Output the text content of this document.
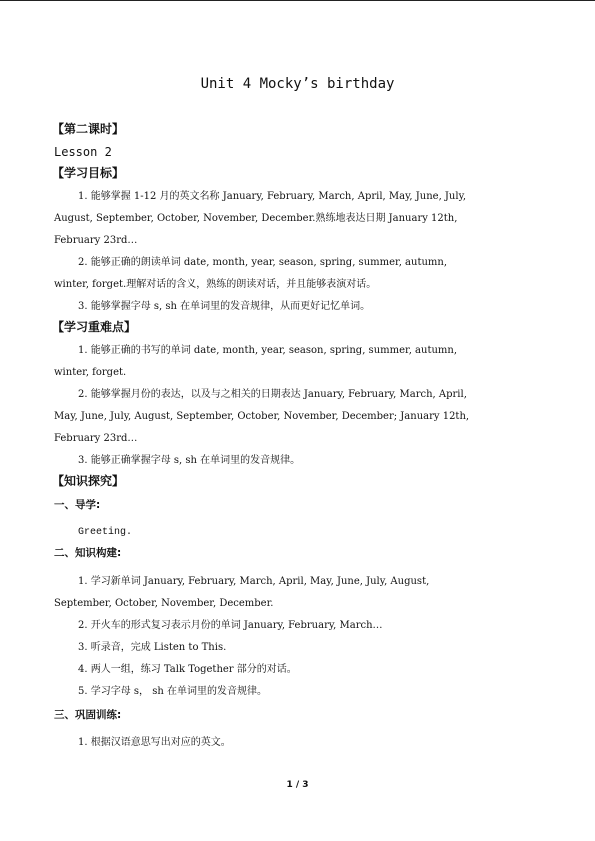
Unit 4 Mocky’s birthday
【第二课时】
Lesson 2
【学习目标】
1. 能够掌握 1-12 月的英文名称 January, February, March, April, May, June, July,
August, September, October, November, December.熟练地表达日期 January 12th,
February 23rd…
2. 能够正确的朗读单词 date, month, year, season, spring, summer, autumn,
winter, forget.理解对话的含义，熟练的朗读对话，并且能够表演对话。
3. 能够掌握字母 s, sh 在单词里的发音规律，从而更好记忆单词。
【学习重难点】
1. 能够正确的书写的单词 date, month, year, season, spring, summer, autumn,
winter, forget.
2. 能够掌握月份的表达，以及与之相关的日期表达 January, February, March, April,
May, June, July, August, September, October, November, December; January 12th,
February 23rd…
3. 能够正确掌握字母 s, sh 在单词里的发音规律。
【知识探究】
一、导学:
Greeting.
二、知识构建:
1. 学习新单词 January, February, March, April, May, June, July, August,
September, October, November, December.
2. 开火车的形式复习表示月份的单词 January, February, March…
3. 听录音，完成 Listen to This.
4. 两人一组，练习 Talk Together 部分的对话。
5. 学习字母 s， sh 在单词里的发音规律。
三、巩固训练:
1. 根据汉语意思写出对应的英文。
1 / 3
